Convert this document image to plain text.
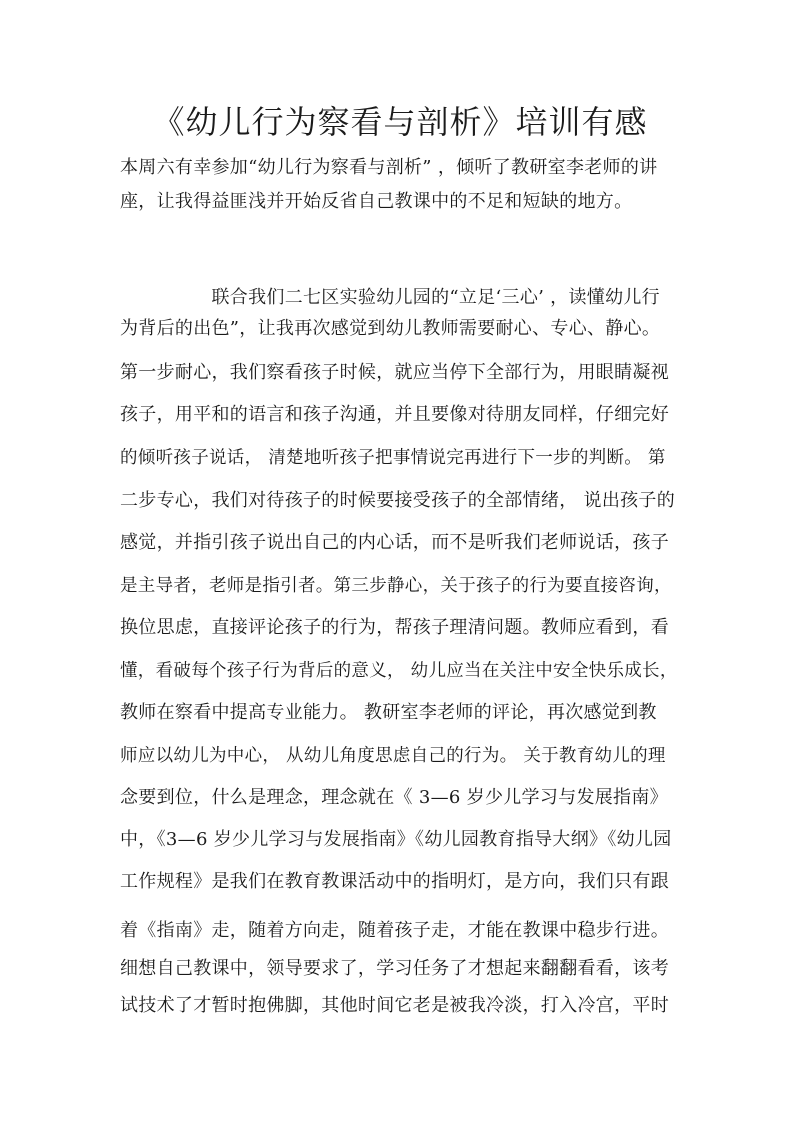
《幼儿行为察看与剖析》培训有感
本周六有幸参加“幼儿行为察看与剖析” ，倾听了教研室李老师的讲
座，让我得益匪浅并开始反省自己教课中的不足和短缺的地方。
　　　　　联合我们二七区实验幼儿园的“立足‘三心’ ，读懂幼儿行
为背后的出色”，让我再次感觉到幼儿教师需要耐心、专心、静心。
第一步耐心，我们察看孩子时候，就应当停下全部行为，用眼睛凝视
孩子，用平和的语言和孩子沟通，并且要像对待朋友同样，仔细完好
的倾听孩子说话， 清楚地听孩子把事情说完再进行下一步的判断。 第
二步专心，我们对待孩子的时候要接受孩子的全部情绪， 说出孩子的
感觉，并指引孩子说出自己的内心话，而不是听我们老师说话，孩子
是主导者，老师是指引者。第三步静心，关于孩子的行为要直接咨询，
换位思虑，直接评论孩子的行为，帮孩子理清问题。教师应看到，看
懂，看破每个孩子行为背后的意义， 幼儿应当在关注中安全快乐成长，
教师在察看中提高专业能力。 教研室李老师的评论，再次感觉到教
师应以幼儿为中心， 从幼儿角度思虑自己的行为。 关于教育幼儿的理
念要到位，什么是理念，理念就在《 3—6 岁少儿学习与发展指南》
中，《3—6 岁少儿学习与发展指南》《幼儿园教育指导大纲》《幼儿园
工作规程》是我们在教育教课活动中的指明灯，是方向，我们只有跟
着《指南》走，随着方向走，随着孩子走，才能在教课中稳步行进。
细想自己教课中，领导要求了，学习任务了才想起来翻翻看看，该考
试技术了才暂时抱佛脚，其他时间它老是被我冷淡，打入冷宫，平时
